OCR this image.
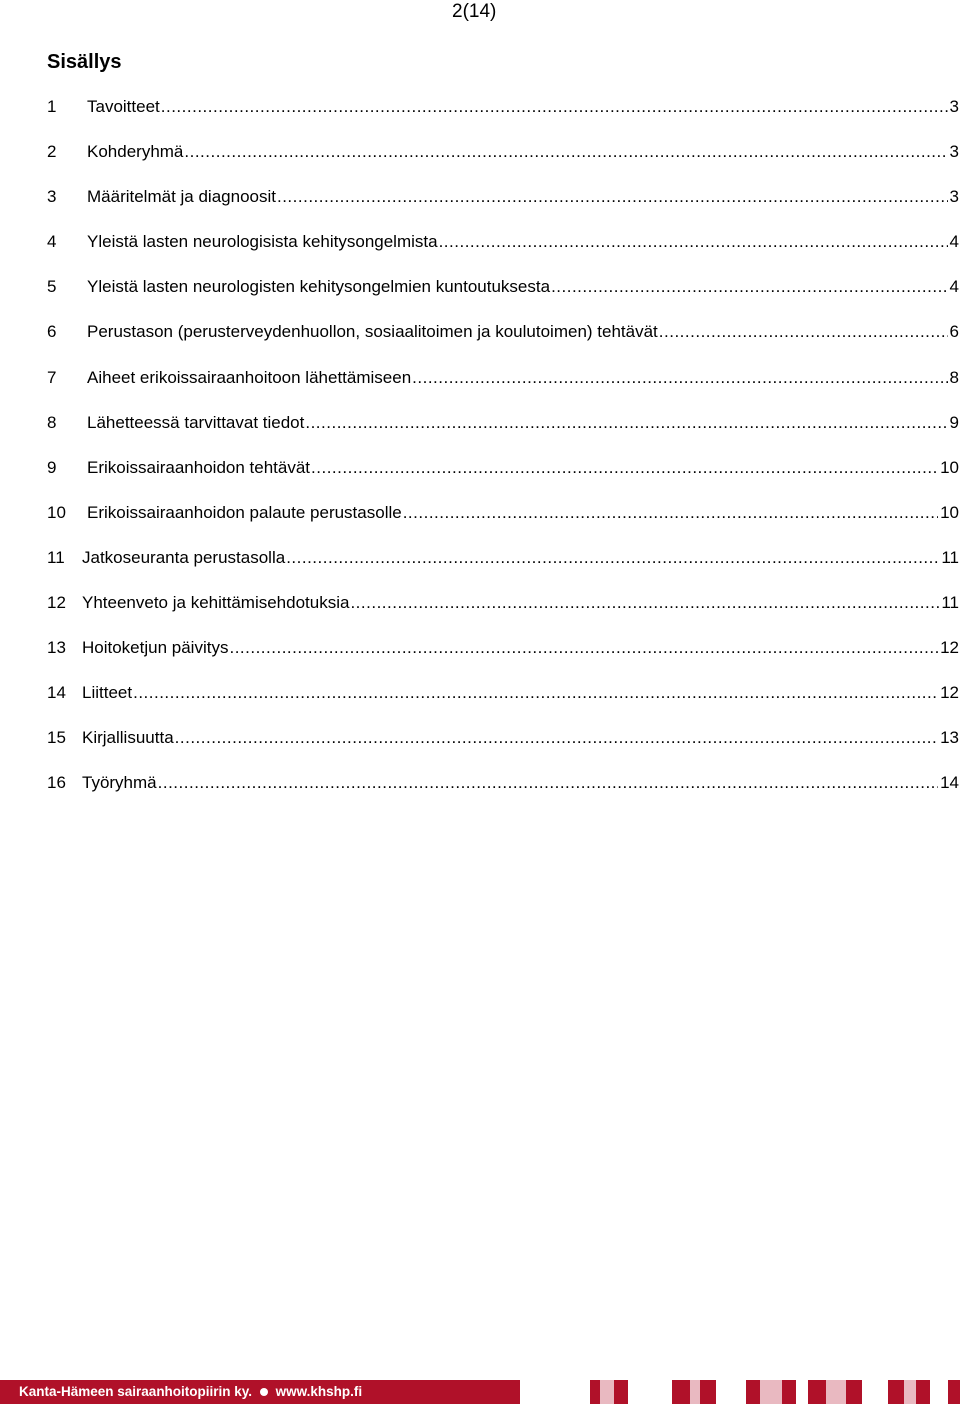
2(14)
Sisällys
1	Tavoitteet .....	3
2	Kohderyhmä .....	3
3	Määritelmät ja diagnoosit .....	3
4	Yleistä lasten neurologisista kehitysongelmista .....	4
5	Yleistä lasten neurologisten kehitysongelmien kuntoutuksesta .....	4
6	Perustason (perusterveydenhuollon, sosiaalitoimen ja koulutoimen) tehtävät .....	6
7	Aiheet erikoissairaanhoitoon lähettämiseen .....	8
8	Lähetteessä tarvittavat tiedot .....	9
9	Erikoissairaanhoidon tehtävät .....	10
10	Erikoissairaanhoidon palaute perustasolle .....	10
11	Jatkoseuranta perustasolla .....	11
12 Yhteenveto ja kehittämisehdotuksia .....	11
13 Hoitoketjun päivitys .....	12
14 Liitteet .....	12
15 Kirjallisuutta .....	13
16 Työryhmä .....	14
Kanta-Hämeen sairaanhoitopiirin ky. www.khshp.fi
